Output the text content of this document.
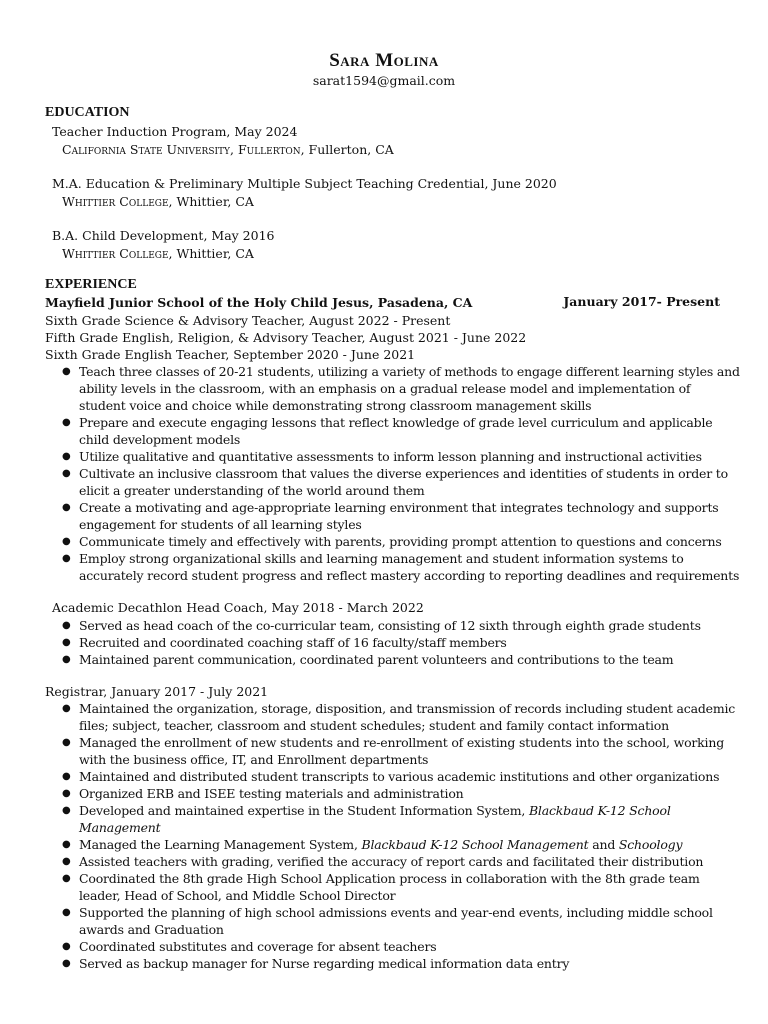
Sara Molina
sarat1594@gmail.com
EDUCATION
Teacher Induction Program, May 2024
California State University, Fullerton, Fullerton, CA
M.A. Education & Preliminary Multiple Subject Teaching Credential, June 2020
Whittier College, Whittier, CA
B.A. Child Development, May 2016
Whittier College, Whittier, CA
EXPERIENCE
Mayfield Junior School of the Holy Child Jesus, Pasadena, CA	January 2017- Present
Sixth Grade Science & Advisory Teacher, August 2022 - Present
Fifth Grade English, Religion, & Advisory Teacher, August 2021 - June 2022
Sixth Grade English Teacher, September 2020 - June 2021
● Teach three classes of 20-21 students, utilizing a variety of methods to engage different learning styles and ability levels in the classroom, with an emphasis on a gradual release model and implementation of student voice and choice while demonstrating strong classroom management skills
● Prepare and execute engaging lessons that reflect knowledge of grade level curriculum and applicable child development models
● Utilize qualitative and quantitative assessments to inform lesson planning and instructional activities
● Cultivate an inclusive classroom that values the diverse experiences and identities of students in order to elicit a greater understanding of the world around them
● Create a motivating and age-appropriate learning environment that integrates technology and supports engagement for students of all learning styles
● Communicate timely and effectively with parents, providing prompt attention to questions and concerns
● Employ strong organizational skills and learning management and student information systems to accurately record student progress and reflect mastery according to reporting deadlines and requirements
Academic Decathlon Head Coach, May 2018 - March 2022
● Served as head coach of the co-curricular team, consisting of 12 sixth through eighth grade students
● Recruited and coordinated coaching staff of 16 faculty/staff members
● Maintained parent communication, coordinated parent volunteers and contributions to the team
Registrar, January 2017 - July 2021
● Maintained the organization, storage, disposition, and transmission of records including student academic files; subject, teacher, classroom and student schedules; student and family contact information
● Managed the enrollment of new students and re-enrollment of existing students into the school, working with the business office, IT, and Enrollment departments
● Maintained and distributed student transcripts to various academic institutions and other organizations
● Organized ERB and ISEE testing materials and administration
● Developed and maintained expertise in the Student Information System, Blackbaud K-12 School Management
● Managed the Learning Management System, Blackbaud K-12 School Management and Schoology
● Assisted teachers with grading, verified the accuracy of report cards and facilitated their distribution
● Coordinated the 8th grade High School Application process in collaboration with the 8th grade team leader, Head of School, and Middle School Director
● Supported the planning of high school admissions events and year-end events, including middle school awards and Graduation
● Coordinated substitutes and coverage for absent teachers
● Served as backup manager for Nurse regarding medical information data entry
